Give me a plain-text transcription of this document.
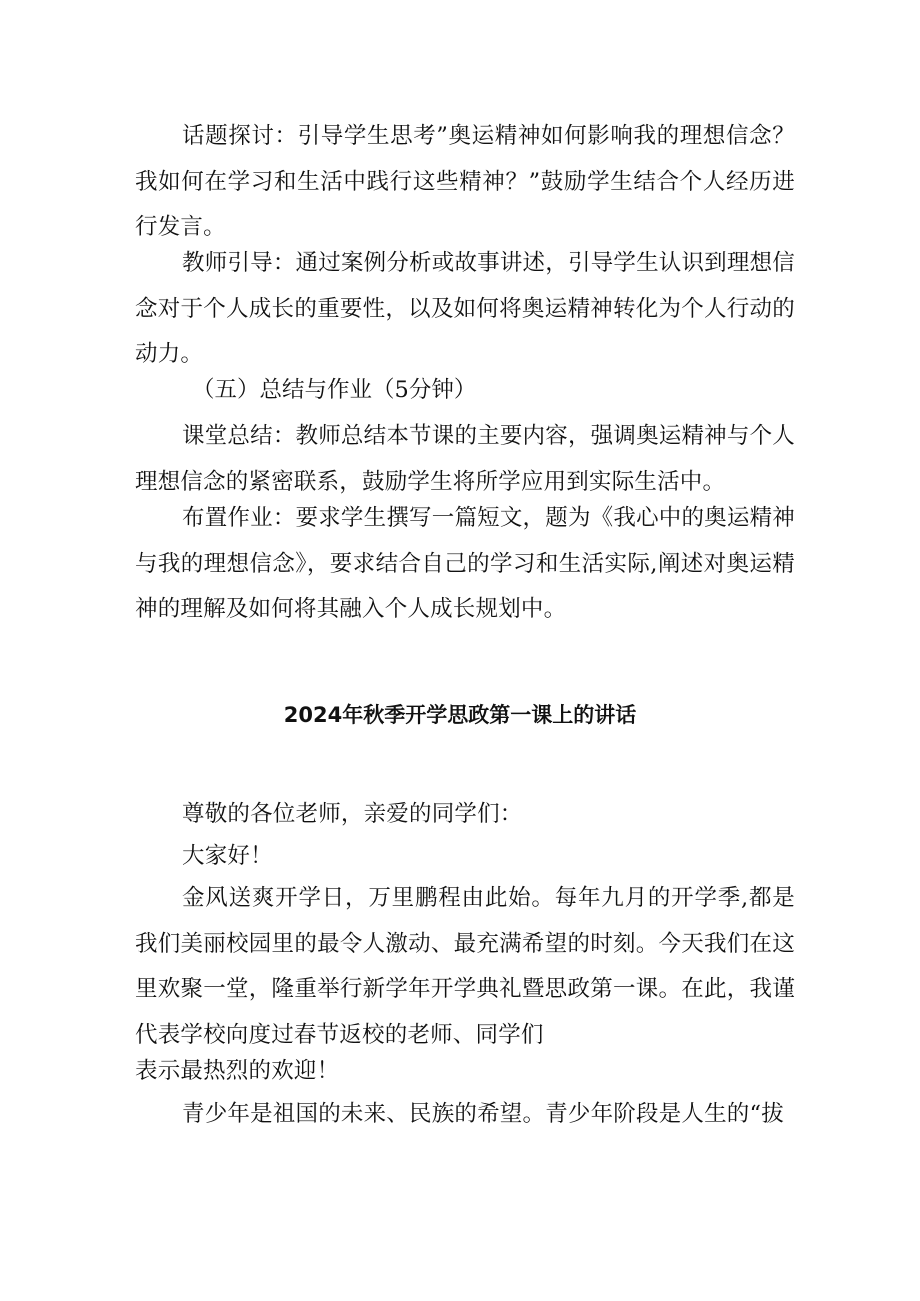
话题探讨：引导学生思考”奥运精神如何影响我的理想信念？我如何在学习和生活中践行这些精神？”鼓励学生结合个人经历进行发言。

教师引导：通过案例分析或故事讲述，引导学生认识到理想信念对于个人成长的重要性，以及如何将奥运精神转化为个人行动的动力。

（五）总结与作业（5分钟）

课堂总结：教师总结本节课的主要内容，强调奥运精神与个人理想信念的紧密联系，鼓励学生将所学应用到实际生活中。

布置作业：要求学生撰写一篇短文，题为《我心中的奥运精神与我的理想信念》，要求结合自己的学习和生活实际,阐述对奥运精神的理解及如何将其融入个人成长规划中。

2024年秋季开学思政第一课上的讲话

尊敬的各位老师，亲爱的同学们：

大家好！

金风送爽开学日，万里鹏程由此始。每年九月的开学季,都是我们美丽校园里的最令人激动、最充满希望的时刻。今天我们在这里欢聚一堂，隆重举行新学年开学典礼暨思政第一课。在此，我谨代表学校向度过春节返校的老师、同学们

表示最热烈的欢迎！

青少年是祖国的未来、民族的希望。青少年阶段是人生的“拔
